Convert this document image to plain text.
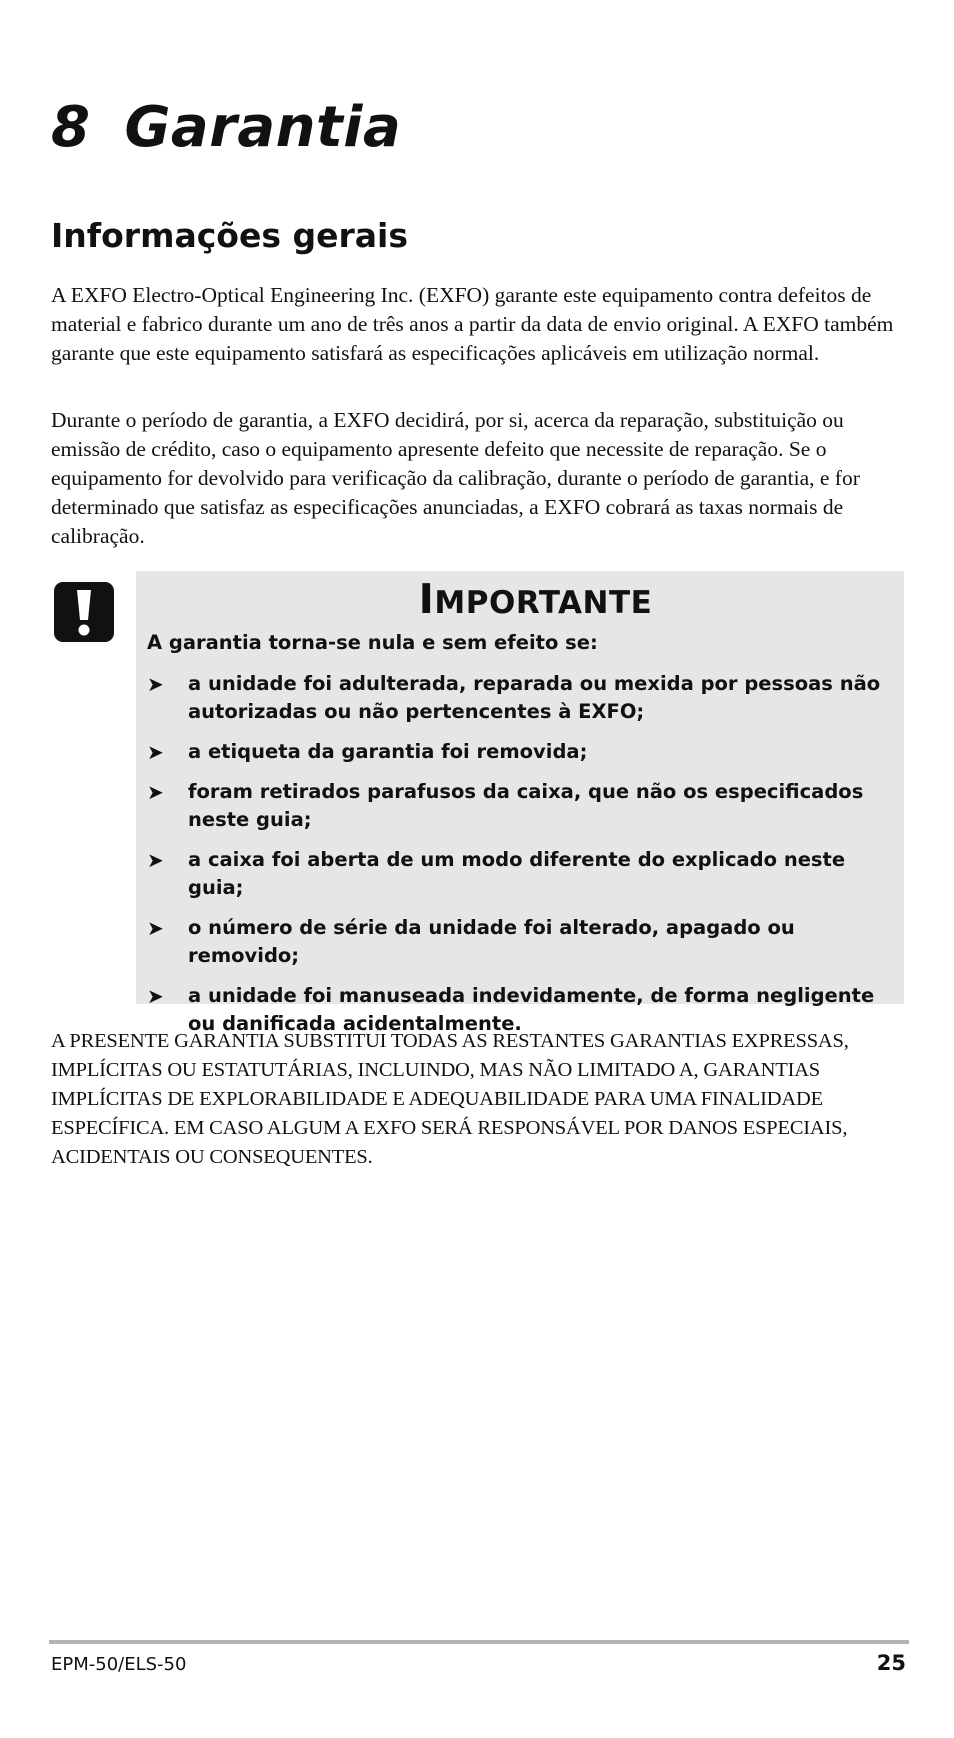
8 Garantia
Informações gerais

A EXFO Electro-Optical Engineering Inc. (EXFO) garante este equipamento contra defeitos de material e fabrico durante um ano de três anos a partir da data de envio original. A EXFO também garante que este equipamento satisfará as especificações aplicáveis em utilização normal.

Durante o período de garantia, a EXFO decidirá, por si, acerca da reparação, substituição ou   emissão de crédito, caso o equipamento apresente defeito que necessite de reparação. Se o equipamento for devolvido para verificação da calibração, durante o período de garantia, e for determinado que satisfaz as especificações anunciadas, a EXFO cobrará as taxas normais de calibração.

IMPORTANTE
A garantia torna-se nula e sem efeito se:
➤ a unidade foi adulterada, reparada ou mexida por pessoas não autorizadas ou não pertencentes à EXFO;
➤ a etiqueta da garantia foi removida;
➤ foram retirados parafusos da caixa, que não os especificados neste guia;
➤ a caixa foi aberta de um modo diferente do explicado neste guia;
➤ o número de série da unidade foi alterado, apagado ou removido;
➤ a unidade foi manuseada indevidamente, de forma negligente ou danificada acidentalmente.

A PRESENTE GARANTIA SUBSTITUI TODAS AS RESTANTES GARANTIAS EXPRESSAS, IMPLÍCITAS OU ESTATUTÁRIAS, INCLUINDO, MAS NÃO LIMITADO A, GARANTIAS IMPLÍCITAS DE EXPLORABILIDADE E ADEQUABILIDADE PARA UMA FINALIDADE ESPECÍFICA. EM CASO ALGUM A EXFO SERÁ RESPONSÁVEL POR DANOS ESPECIAIS, ACIDENTAIS OU CONSEQUENTES.

EPM-50/ELS-50	25
